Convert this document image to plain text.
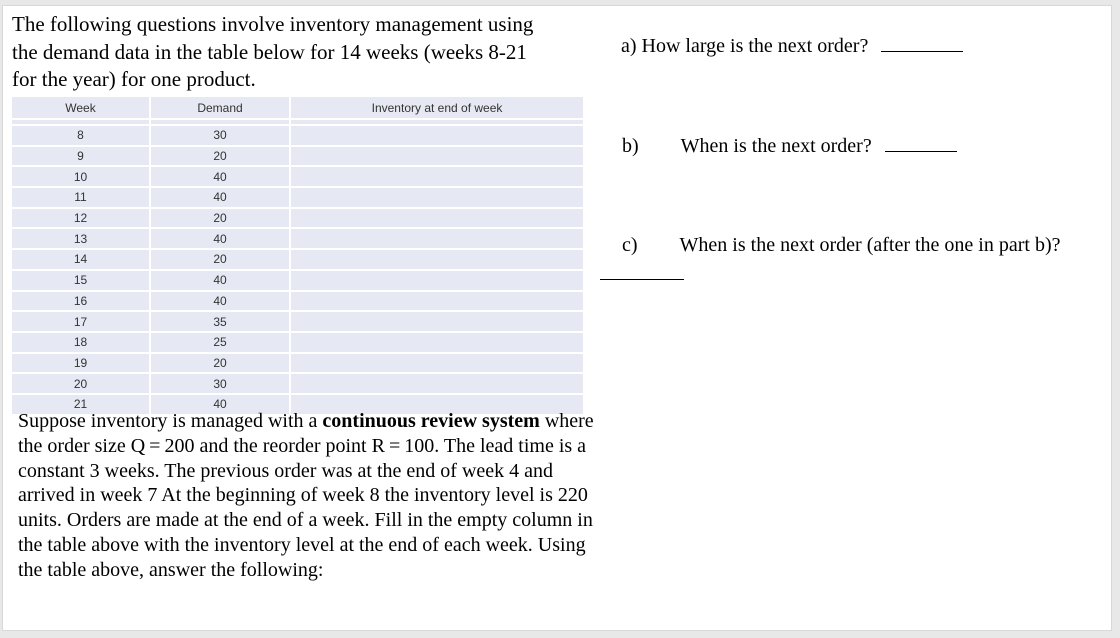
The following questions involve inventory management using the demand data in the table below for 14 weeks (weeks 8-21 for the year) for one product.
Week	Demand	Inventory at end of week

8	30	
9	20	
10	40	
11	40	
12	20	
13	40	
14	20	
15	40	
16	40	
17	35	
18	25	
19	20	
20	30	
21	40	
Suppose inventory is managed with a continuous review system where the order size Q = 200 and the reorder point R = 100. The lead time is a constant 3 weeks. The previous order was at the end of week 4 and arrived in week 7 At the beginning of week 8 the inventory level is 220 units. Orders are made at the end of a week. Fill in the empty column in the table above with the inventory level at the end of each week. Using the table above, answer the following:
a) How large is the next order?
b) When is the next order?
c) When is the next order (after the one in part b)?
